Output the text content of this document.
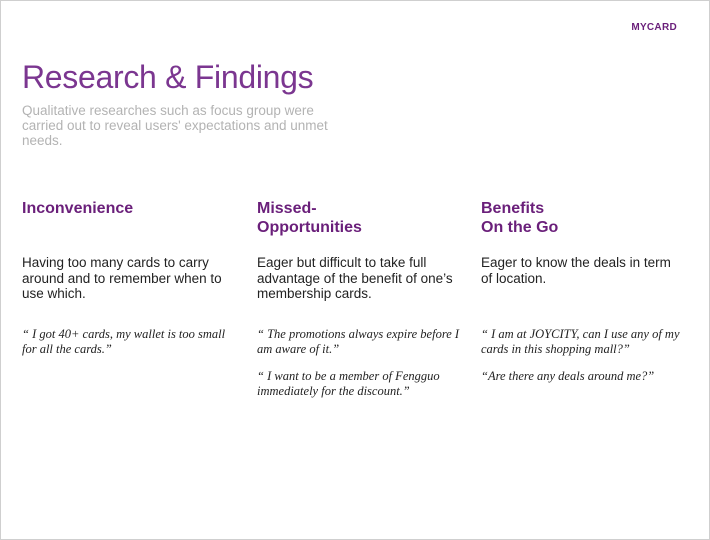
MYCARD
Research & Findings

Qualitative researches such as focus group were carried out to reveal users' expectations and unmet needs.

Inconvenience

Having too many cards to carry around and to remember when to use which.

“ I got 40+ cards, my wallet is too small for all the cards.”

Missed-
Opportunities

Eager but difficult to take full advantage of the benefit of one’s membership cards.

“ The promotions always expire before I am aware of it.”

“ I want to be a member of Fengguo immediately for the discount.”

Benefits
On the Go

Eager to know the deals in term of location.

“ I am at JOYCITY, can I use any of my cards in this shopping mall?”

“Are there any deals around me?”
